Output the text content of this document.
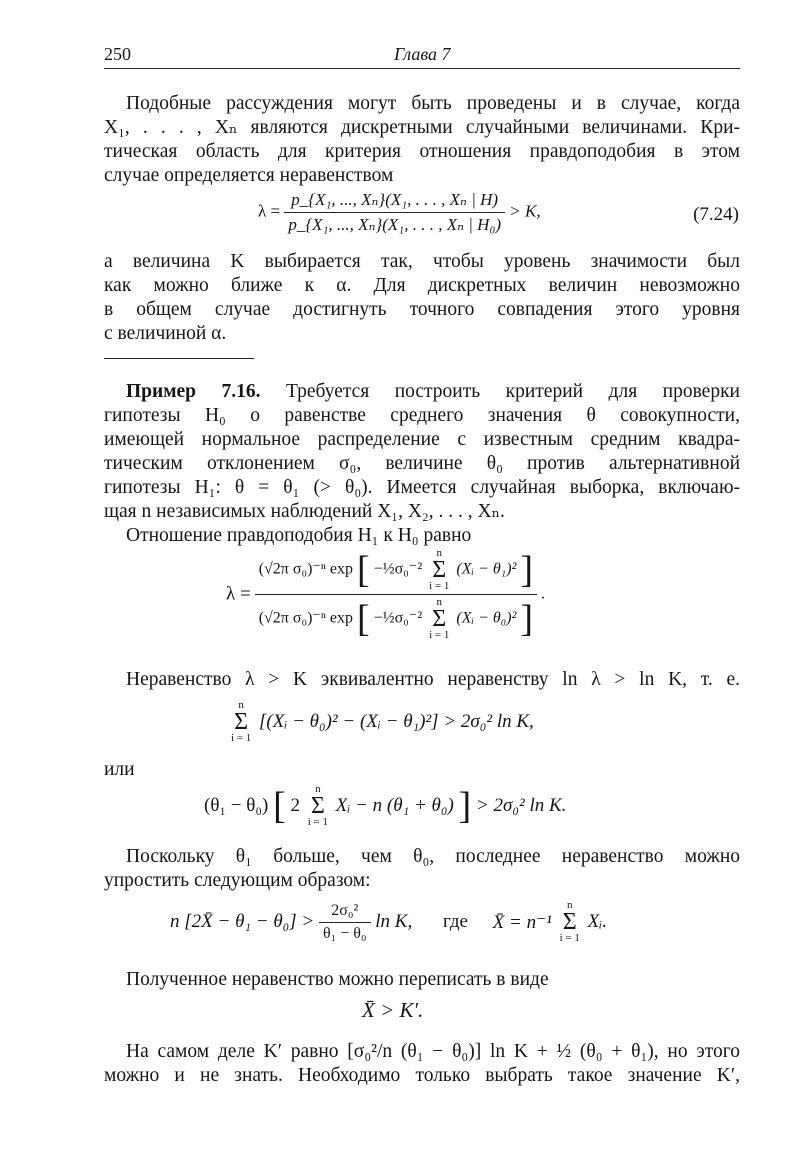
250	Глава 7
Подобные рассуждения могут быть проведены и в случае, когда
X₁, . . . , Xₙ являются дискретными случайными величинами. Кри-
тическая область для критерия отношения правдоподобия в этом
случае определяется неравенством
$\lambda = \frac{\text{p\_\{X₁, ..., Xₙ\}(X₁, . . . , Xₙ | H)}}{\text{p\_\{X₁, ..., Xₙ\}(X₁, . . . , Xₙ | H₀)}} > K$,	(7.24)
а величина K выбирается так, чтобы уровень значимости был
как можно ближе к α. Для дискретных величин невозможно
в общем случае достигнуть точного совпадения этого уровня
с величиной α.
Пример 7.16. Требуется построить критерий для проверки
гипотезы H₀ о равенстве среднего значения θ совокупности,
имеющей нормальное распределение с известным средним квадра-
тическим отклонением σ₀, величине θ₀ против альтернативной
гипотезы H₁: θ = θ₁ (> θ₀). Имеется случайная выборка, включаю-
щая n независимых наблюдений X₁, X₂, . . . , Xₙ.
Отношение правдоподобия H₁ к H₀ равно
λ =
(√2π σ₀)⁻ⁿ exp [ −½σ₀⁻² n
Σ
i = 1 (Xᵢ − θ₁)² ]
(√2π σ₀)⁻ⁿ exp [ −½σ₀⁻² n
Σ
i = 1 (Xᵢ − θ₀)² ]
.
Неравенство λ > K эквивалентно неравенству ln λ > ln K, т. е.
n
Σ
i = 1 [(Xᵢ − θ₀)² − (Xᵢ − θ₁)²] > 2σ₀² ln K,
или
(θ₁ − θ₀) [ 2 n
Σ
i = 1 Xᵢ − n (θ₁ + θ₀) ] > 2σ₀² ln K.
Поскольку θ₁ больше, чем θ₀, последнее неравенство можно
упростить следующим образом:
n [2X̄ − $\theta_1 - \theta_0] > \frac{\text{2σ₀²}}{\text{θ₁ − θ₀}}$ ln K, где X̄ = n⁻¹ n
Σ
i = 1 Xᵢ.
Полученное неравенство можно переписать в виде
X̄ > K′.
На самом деле K′ равно [σ₀²/n (θ₁ − θ₀)] ln K + ½ (θ₀ + θ₁), но этого
можно и не знать. Необходимо только выбрать такое значение K′,
